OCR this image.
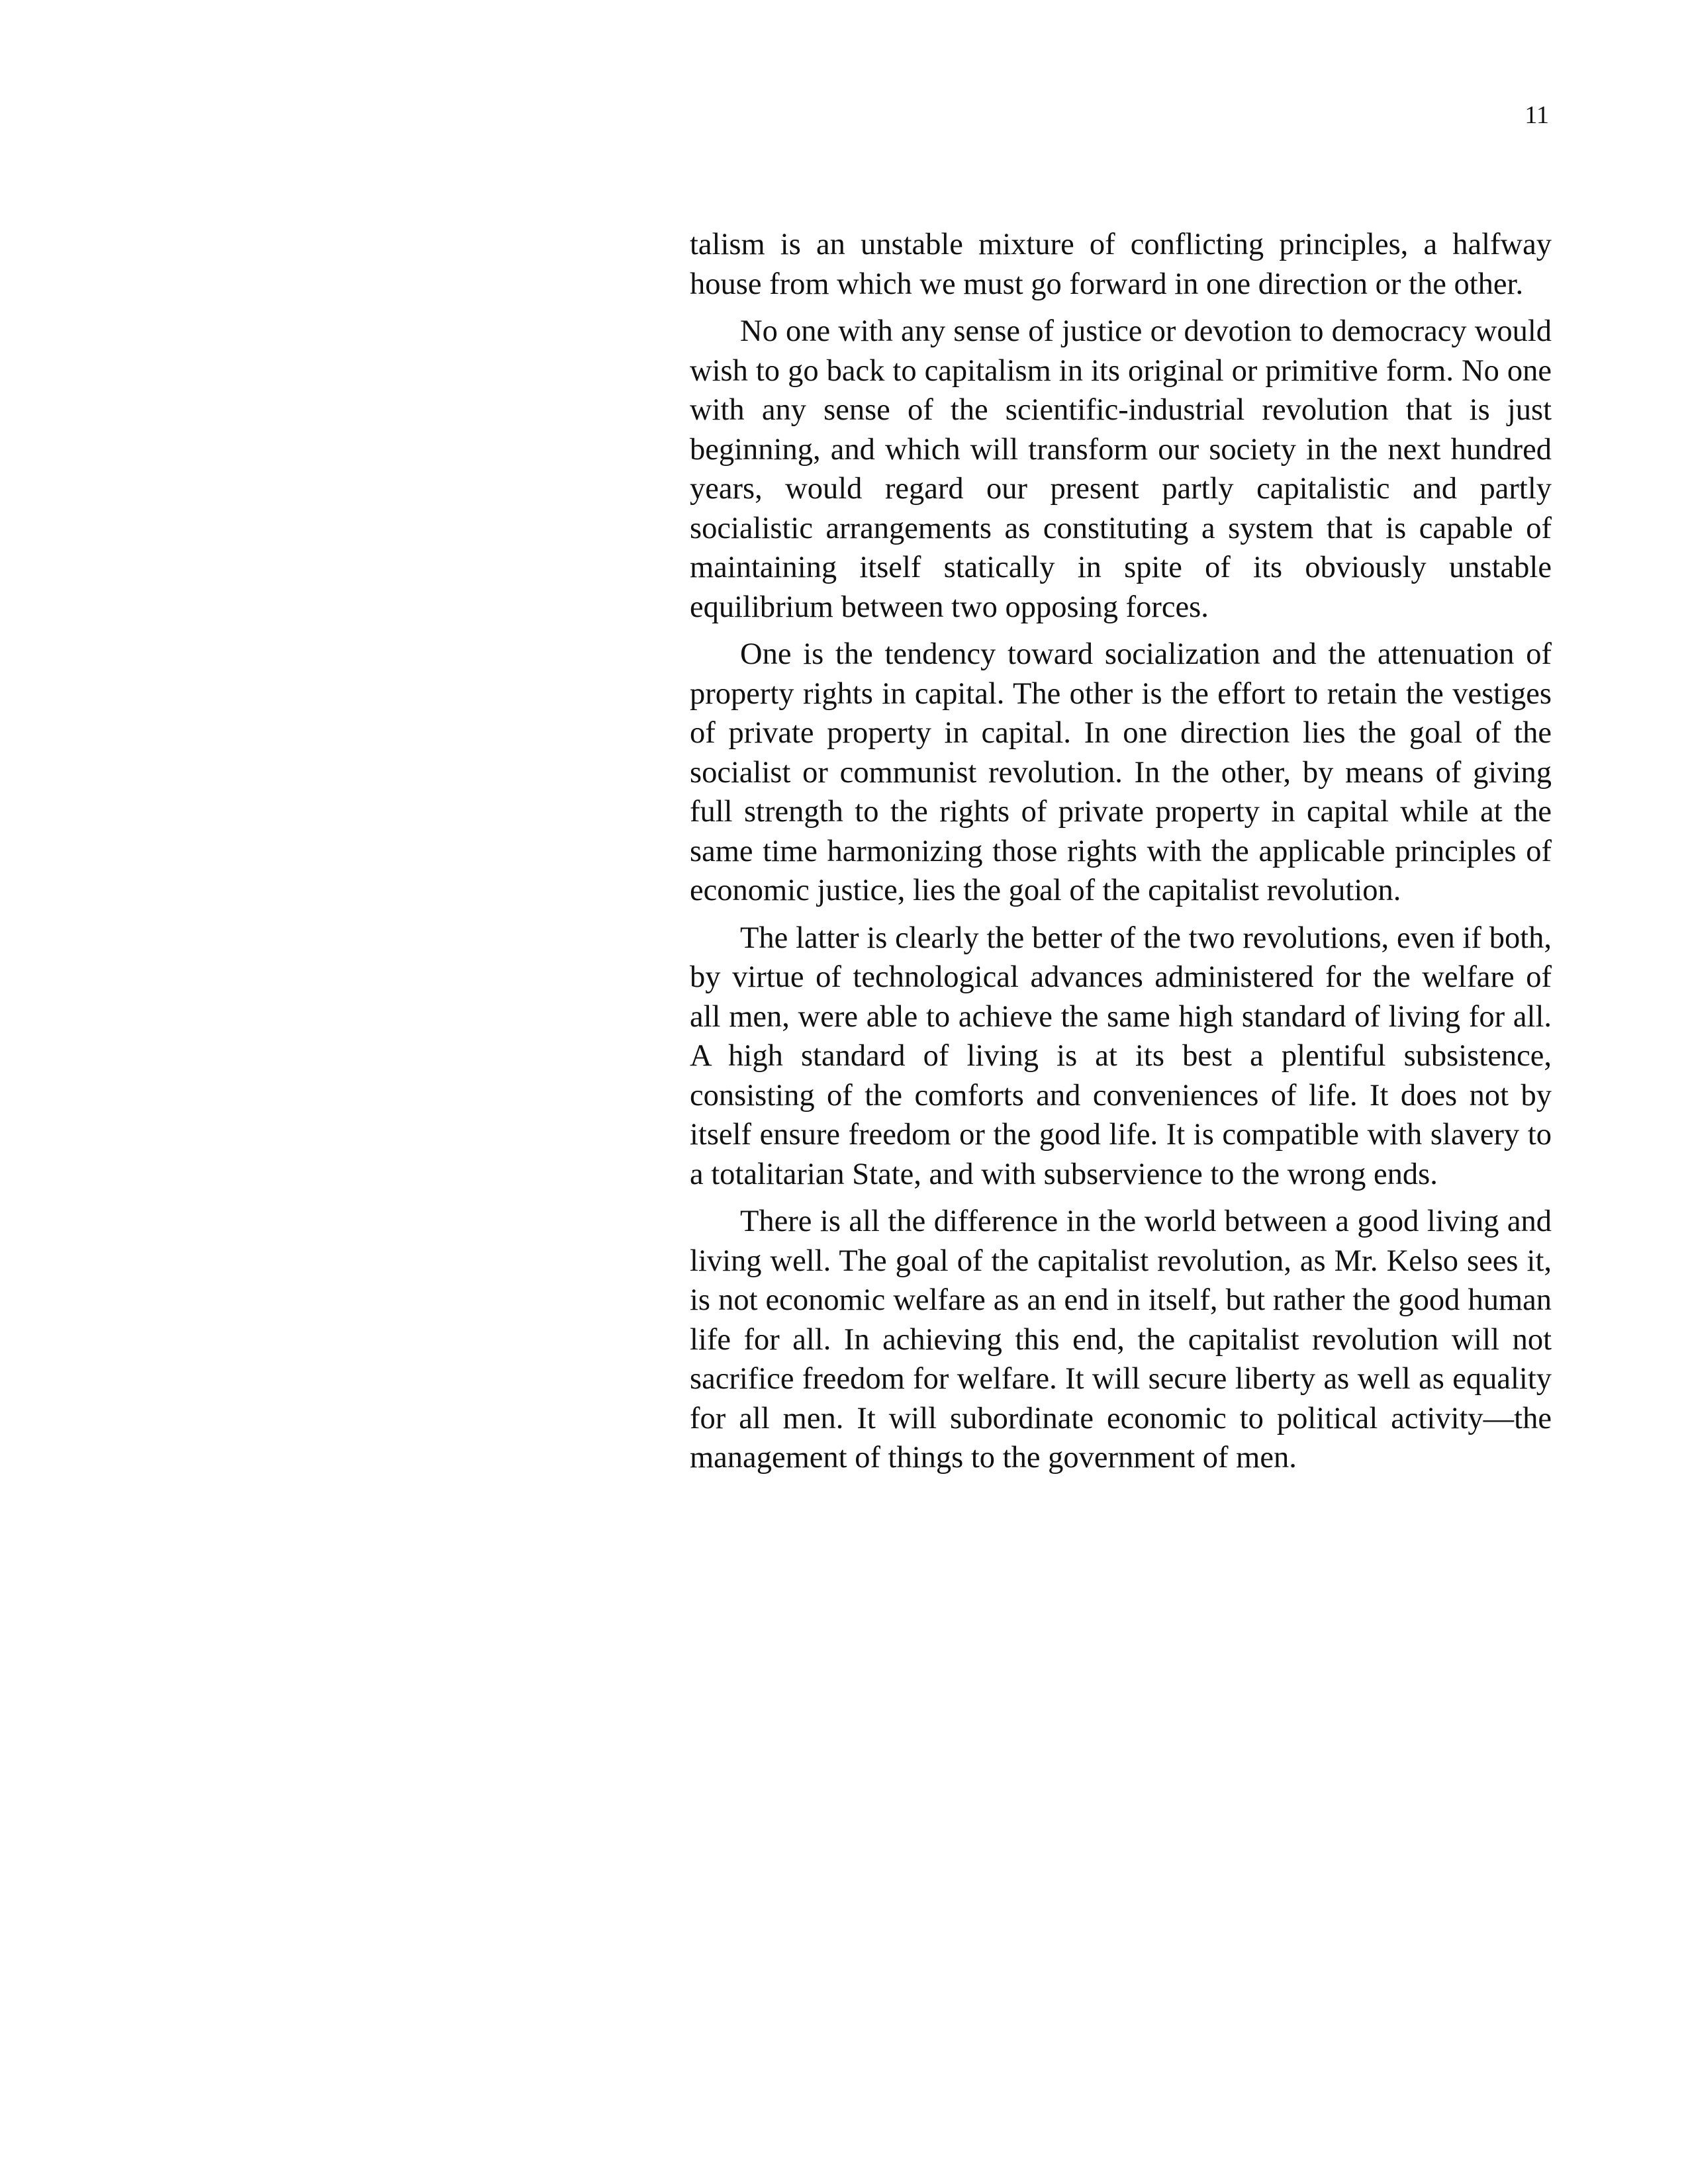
11

talism is an unstable mixture of conflicting principles, a halfway house from which we must go forward in one direction or the other.

No one with any sense of justice or devotion to democracy would wish to go back to capitalism in its original or primitive form. No one with any sense of the scientific-industrial revolution that is just beginning, and which will transform our society in the next hundred years, would regard our present partly capitalistic and partly socialistic arrangements as constituting a system that is capable of maintaining itself statically in spite of its obviously unstable equilibrium between two opposing forces.

One is the tendency toward socialization and the attenuation of property rights in capital. The other is the effort to retain the vestiges of private property in capital. In one direction lies the goal of the socialist or communist revolution. In the other, by means of giving full strength to the rights of private property in capital while at the same time harmonizing those rights with the applicable principles of economic justice, lies the goal of the capitalist revolution.

The latter is clearly the better of the two revolutions, even if both, by virtue of technological advances administered for the welfare of all men, were able to achieve the same high standard of living for all. A high standard of living is at its best a plentiful subsistence, consisting of the comforts and conveniences of life. It does not by itself ensure freedom or the good life. It is compatible with slavery to a totalitarian State, and with subservience to the wrong ends.

There is all the difference in the world between a good living and living well. The goal of the capitalist revolution, as Mr. Kelso sees it, is not economic welfare as an end in itself, but rather the good human life for all. In achieving this end, the capitalist revolution will not sacrifice freedom for welfare. It will secure liberty as well as equality for all men. It will subordinate economic to political activity—the management of things to the government of men.
